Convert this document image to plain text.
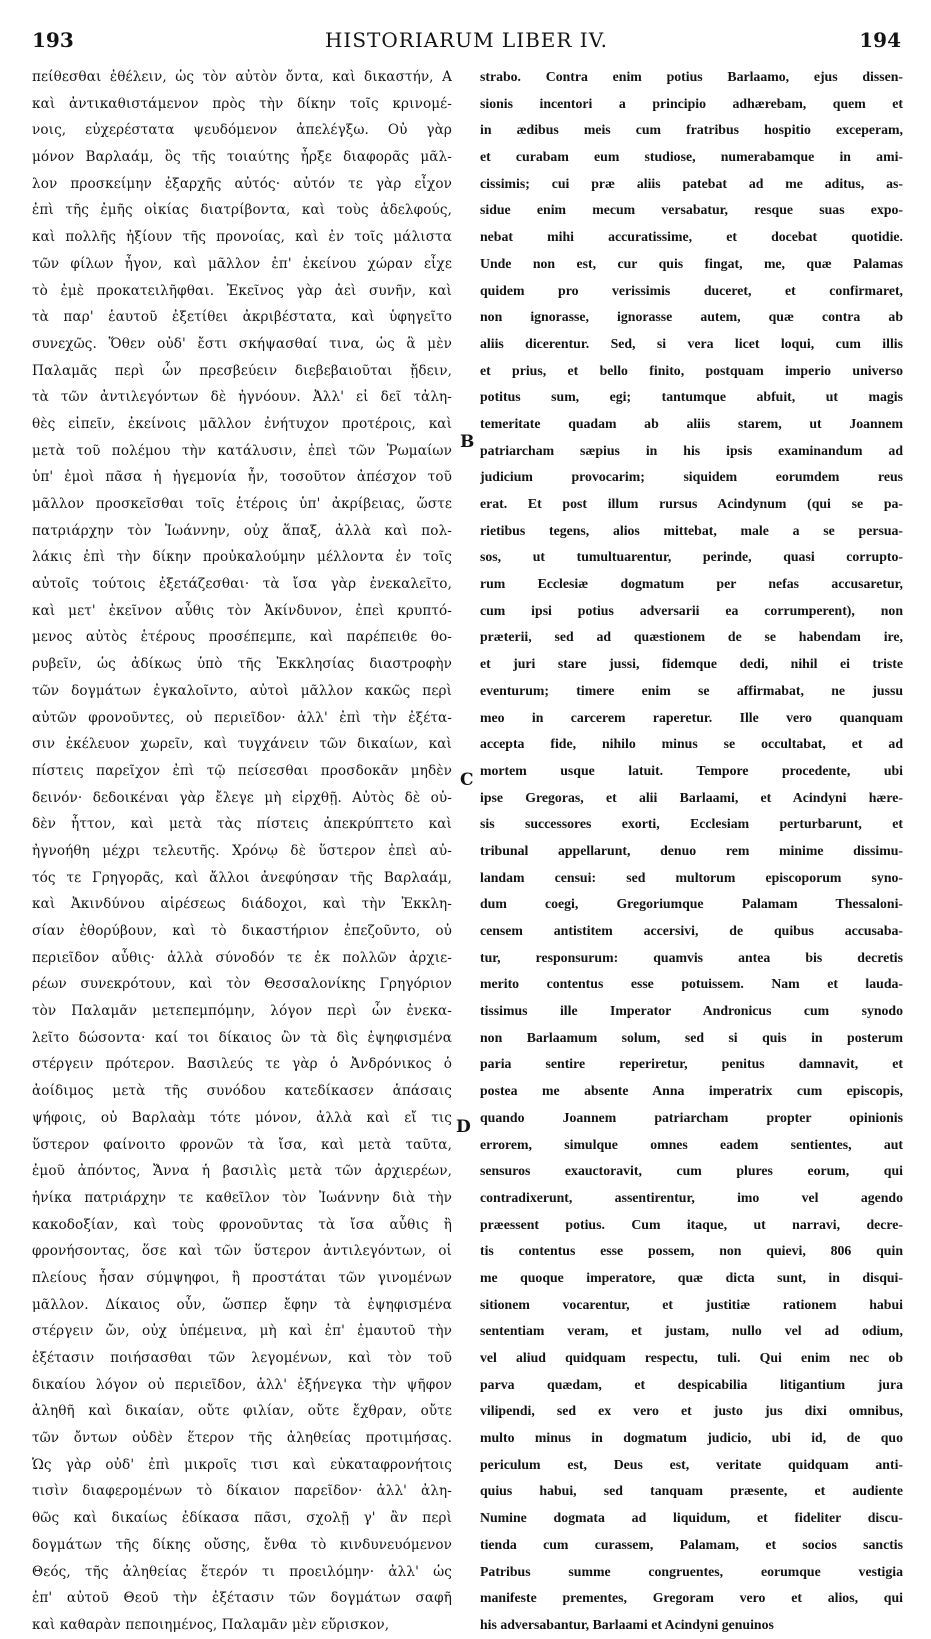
193	HISTORIARUM LIBER IV.	194
πείθεσθαι ἐθέλειν, ὡς τὸν αὐτὸν ὄντα, καὶ δικαστήν, Α
καὶ ἀντικαθιστάμενον πρὸς τὴν δίκην τοῖς κρινομέ-
νοις, εὐχερέστατα ψευδόμενον ἀπελέγξω. Οὐ γὰρ
μόνον Βαρλαάμ, ὃς τῆς τοιαύτης ἦρξε διαφορᾶς μᾶλ-
λον προσκείμην ἐξαρχῆς αὐτός· αὐτόν τε γὰρ εἶχον
ἐπὶ τῆς ἐμῆς οἰκίας διατρίβοντα, καὶ τοὺς ἀδελφούς,
καὶ πολλῆς ἠξίουν τῆς προνοίας, καὶ ἐν τοῖς μάλιστα
τῶν φίλων ἦγον, καὶ μᾶλλον ἐπ' ἐκείνου χώραν εἶχε
τὸ ἐμὲ προκατειλῆφθαι. Ἐκεῖνος γὰρ ἀεὶ συνῆν, καὶ
τὰ παρ' ἑαυτοῦ ἐξετίθει ἀκριβέστατα, καὶ ὑφηγεῖτο
συνεχῶς. Ὅθεν οὐδ' ἔστι σκήψασθαί τινα, ὡς ἃ μὲν
Παλαμᾶς περὶ ὧν πρεσβεύειν διεβεβαιοῦται ᾔδειν,
τὰ τῶν ἀντιλεγόντων δὲ ἠγνόουν. Ἀλλ' εἰ δεῖ τἀλη-
θὲς εἰπεῖν, ἐκείνοις μᾶλλον ἐνήτυχον προτέροις, καὶ
μετὰ τοῦ πολέμου τὴν κατάλυσιν, ἐπεὶ τῶν Ῥωμαίων
ὑπ' ἐμοὶ πᾶσα ἡ ἡγεμονία ἦν, τοσοῦτον ἀπέσχον τοῦ
μᾶλλον προσκεῖσθαι τοῖς ἑτέροις ὑπ' ἀκρίβειας, ὥστε
πατριάρχην τὸν Ἰωάννην, οὐχ ἅπαξ, ἀλλὰ καὶ πολ-
λάκις ἐπὶ τὴν δίκην προὐκαλούμην μέλλοντα ἐν τοῖς
αὐτοῖς τούτοις ἐξετάζεσθαι· τὰ ἴσα γὰρ ἐνεκαλεῖτο,
καὶ μετ' ἐκεῖνον αὖθις τὸν Ἀκίνδυνον, ἐπεὶ κρυπτό-
μενος αὐτὸς ἑτέρους προσέπεμπε, καὶ παρέπειθε θο-
ρυβεῖν, ὡς ἀδίκως ὑπὸ τῆς Ἐκκλησίας διαστροφὴν
τῶν δογμάτων ἐγκαλοῖντο, αὐτοὶ μᾶλλον κακῶς περὶ
αὐτῶν φρονοῦντες, οὐ περιεῖδον· ἀλλ' ἐπὶ τὴν ἐξέτα-
σιν ἐκέλευον χωρεῖν, καὶ τυγχάνειν τῶν δικαίων, καὶ
πίστεις παρεῖχον ἐπὶ τῷ πείσεσθαι προσδοκᾶν μηδὲν
δεινόν· δεδοικέναι γὰρ ἔλεγε μὴ εἱρχθῇ. Αὐτὸς δὲ οὐ-
δὲν ἧττον, καὶ μετὰ τὰς πίστεις ἀπεκρύπτετο καὶ
ἠγνοήθη μέχρι τελευτῆς. Χρόνῳ δὲ ὕστερον ἐπεὶ αὐ-
τός τε Γρηγορᾶς, καὶ ἄλλοι ἀνεφύησαν τῆς Βαρλαάμ,
καὶ Ἀκινδύνου αἱρέσεως διάδοχοι, καὶ τὴν Ἐκκλη-
σίαν ἐθορύβουν, καὶ τὸ δικαστήριον ἐπεζοῦντο, οὐ
περιεῖδον αὖθις· ἀλλὰ σύνοδόν τε ἐκ πολλῶν ἀρχιε-
ρέων συνεκρότουν, καὶ τὸν Θεσσαλονίκης Γρηγόριον
τὸν Παλαμᾶν μετεπεμπόμην, λόγον περὶ ὧν ἐνεκα-
λεῖτο δώσοντα· καί τοι δίκαιος ὢν τὰ δὶς ἐψηφισμένα
στέργειν πρότερον. Βασιλεύς τε γὰρ ὁ Ἀνδρόνικος ὁ
ἀοίδιμος μετὰ τῆς συνόδου κατεδίκασεν ἁπάσαις
ψήφοις, οὐ Βαρλαὰμ τότε μόνον, ἀλλὰ καὶ εἴ τις
ὕστερον φαίνοιτο φρονῶν τὰ ἴσα, καὶ μετὰ ταῦτα,
ἐμοῦ ἀπόντος, Ἄννα ἡ βασιλὶς μετὰ τῶν ἀρχιερέων,
ἡνίκα πατριάρχην τε καθεῖλον τὸν Ἰωάννην διὰ τὴν
κακοδοξίαν, καὶ τοὺς φρονοῦντας τὰ ἴσα αὖθις ἢ
φρονήσοντας, ὅσε καὶ τῶν ὕστερον ἀντιλεγόντων, οἱ
πλείους ἦσαν σύμψηφοι, ἢ προστάται τῶν γινομένων
μᾶλλον. Δίκαιος οὖν, ὥσπερ ἔφην τὰ ἐψηφισμένα
στέργειν ὤν, οὐχ ὑπέμεινα, μὴ καὶ ἐπ' ἐμαυτοῦ τὴν
ἐξέτασιν ποιήσασθαι τῶν λεγομένων, καὶ τὸν τοῦ
δικαίου λόγον οὐ περιεῖδον, ἀλλ' ἐξήνεγκα τὴν ψῆφον
ἀληθῆ καὶ δικαίαν, οὔτε φιλίαν, οὔτε ἔχθραν, οὔτε
τῶν ὄντων οὐδὲν ἕτερον τῆς ἀληθείας προτιμήσας.
Ὡς γὰρ οὐδ' ἐπὶ μικροῖς τισι καὶ εὐκαταφρονήτοις
τισὶν διαφερομένων τὸ δίκαιον παρεῖδον· ἀλλ' ἀλη-
θῶς καὶ δικαίως ἐδίκασα πᾶσι, σχολῇ γ' ἂν περὶ
δογμάτων τῆς δίκης οὔσης, ἔνθα τὸ κινδυνευόμενον
Θεός, τῆς ἀληθείας ἕτερόν τι προειλόμην· ἀλλ' ὡς
ἐπ' αὐτοῦ Θεοῦ τὴν ἐξέτασιν τῶν δογμάτων σαφῆ
καὶ καθαρὰν πεποιημένος, Παλαμᾶν μὲν εὕρισκον,
B
C
D
strabo. Contra enim potius Barlaamo, ejus dissen-
sionis incentori a principio adhærebam, quem et
in ædibus meis cum fratribus hospitio exceperam,
et curabam eum studiose, numerabamque in ami-
cissimis; cui præ aliis patebat ad me aditus, as-
sidue enim mecum versabatur, resque suas expo-
nebat mihi accuratissime, et docebat quotidie.
Unde non est, cur quis fingat, me, quæ Palamas
quidem pro verissimis duceret, et confirmaret,
non ignorasse, ignorasse autem, quæ contra ab
aliis dicerentur. Sed, si vera licet loqui, cum illis
et prius, et bello finito, postquam imperio universo
potitus sum, egi; tantumque abfuit, ut magis
temeritate quadam ab aliis starem, ut Joannem
patriarcham sæpius in his ipsis examinandum ad
judicium provocarim; siquidem eorumdem reus
erat. Et post illum rursus Acindynum (qui se pa-
rietibus tegens, alios mittebat, male a se persua-
sos, ut tumultuarentur, perinde, quasi corrupto-
rum Ecclesiæ dogmatum per nefas accusaretur,
cum ipsi potius adversarii ea corrumperent), non
præterii, sed ad quæstionem de se habendam ire,
et juri stare jussi, fidemque dedi, nihil ei triste
eventurum; timere enim se affirmabat, ne jussu
meo in carcerem raperetur. Ille vero quanquam
accepta fide, nihilo minus se occultabat, et ad
mortem usque latuit. Tempore procedente, ubi
ipse Gregoras, et alii Barlaami, et Acindyni hære-
sis successores exorti, Ecclesiam perturbarunt, et
tribunal appellarunt, denuo rem minime dissimu-
landam censui: sed multorum episcoporum syno-
dum coegi, Gregoriumque Palamam Thessaloni-
censem antistitem accersivi, de quibus accusaba-
tur, responsurum: quamvis antea bis decretis
merito contentus esse potuissem. Nam et lauda-
tissimus ille Imperator Andronicus cum synodo
non Barlaamum solum, sed si quis in posterum
paria sentire reperiretur, penitus damnavit, et
postea me absente Anna imperatrix cum episcopis,
quando Joannem patriarcham propter opinionis
errorem, simulque omnes eadem sentientes, aut
sensuros exauctoravit, cum plures eorum, qui
contradixerunt, assentirentur, imo vel agendo
præessent potius. Cum itaque, ut narravi, decre-
tis contentus esse possem, non quievi, 806 quin
me quoque imperatore, quæ dicta sunt, in disqui-
sitionem vocarentur, et justitiæ rationem habui
sententiam veram, et justam, nullo vel ad odium,
vel aliud quidquam respectu, tuli. Qui enim nec ob
parva quædam, et despicabilia litigantium jura
vilipendi, sed ex vero et justo jus dixi omnibus,
multo minus in dogmatum judicio, ubi id, de quo
periculum est, Deus est, veritate quidquam anti-
quius habui, sed tanquam præsente, et audiente
Numine dogmata ad liquidum, et fideliter discu-
tienda cum curassem, Palamam, et socios sanctis
Patribus summe congruentes, eorumque vestigia
manifeste prementes, Gregoram vero et alios, qui
his adversabantur, Barlaami et Acindyni genuinos
